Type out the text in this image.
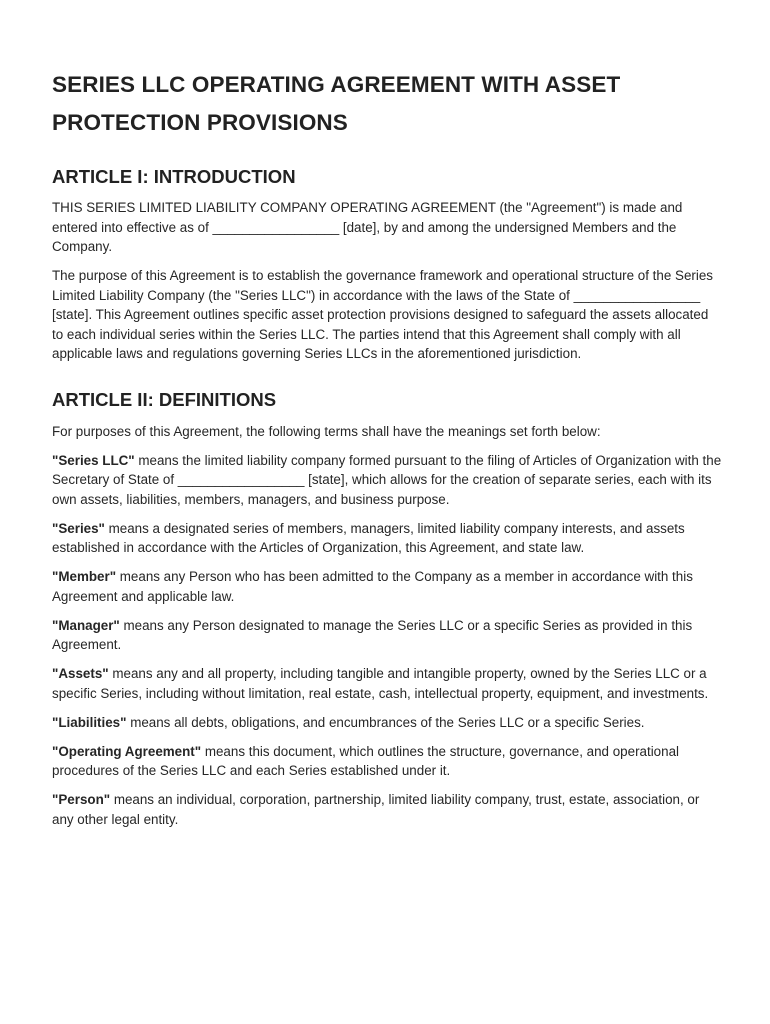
SERIES LLC OPERATING AGREEMENT WITH ASSET PROTECTION PROVISIONS
ARTICLE I: INTRODUCTION

THIS SERIES LIMITED LIABILITY COMPANY OPERATING AGREEMENT (the "Agreement") is made and entered into effective as of _________________ [date], by and among the undersigned Members and the Company.

The purpose of this Agreement is to establish the governance framework and operational structure of the Series Limited Liability Company (the "Series LLC") in accordance with the laws of the State of _________________ [state]. This Agreement outlines specific asset protection provisions designed to safeguard the assets allocated to each individual series within the Series LLC. The parties intend that this Agreement shall comply with all applicable laws and regulations governing Series LLCs in the aforementioned jurisdiction.

ARTICLE II: DEFINITIONS

For purposes of this Agreement, the following terms shall have the meanings set forth below:

"Series LLC" means the limited liability company formed pursuant to the filing of Articles of Organization with the Secretary of State of _________________ [state], which allows for the creation of separate series, each with its own assets, liabilities, members, managers, and business purpose.

"Series" means a designated series of members, managers, limited liability company interests, and assets established in accordance with the Articles of Organization, this Agreement, and state law.

"Member" means any Person who has been admitted to the Company as a member in accordance with this Agreement and applicable law.

"Manager" means any Person designated to manage the Series LLC or a specific Series as provided in this Agreement.

"Assets" means any and all property, including tangible and intangible property, owned by the Series LLC or a specific Series, including without limitation, real estate, cash, intellectual property, equipment, and investments.

"Liabilities" means all debts, obligations, and encumbrances of the Series LLC or a specific Series.

"Operating Agreement" means this document, which outlines the structure, governance, and operational procedures of the Series LLC and each Series established under it.

"Person" means an individual, corporation, partnership, limited liability company, trust, estate, association, or any other legal entity.
